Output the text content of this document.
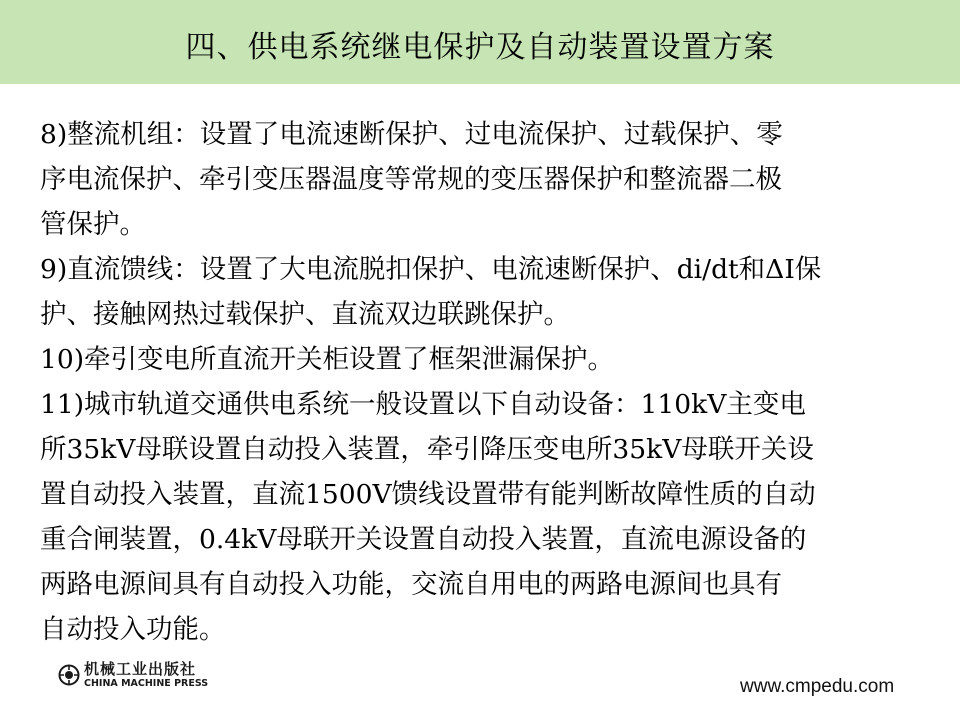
四、供电系统继电保护及自动装置设置方案
8)整流机组：设置了电流速断保护、过电流保护、过载保护、零
序电流保护、牵引变压器温度等常规的变压器保护和整流器二极
管保护。
9)直流馈线：设置了大电流脱扣保护、电流速断保护、di/dt和ΔI保
护、接触网热过载保护、直流双边联跳保护。
10)牵引变电所直流开关柜设置了框架泄漏保护。
11)城市轨道交通供电系统一般设置以下自动设备：110kV主变电
所35kV母联设置自动投入装置，牵引降压变电所35kV母联开关设
置自动投入装置，直流1500V馈线设置带有能判断故障性质的自动
重合闸装置，0.4kV母联开关设置自动投入装置，直流电源设备的
两路电源间具有自动投入功能，交流自用电的两路电源间也具有
自动投入功能。
机械工业出版社
CHINA MACHINE PRESS	www.cmpedu.com
